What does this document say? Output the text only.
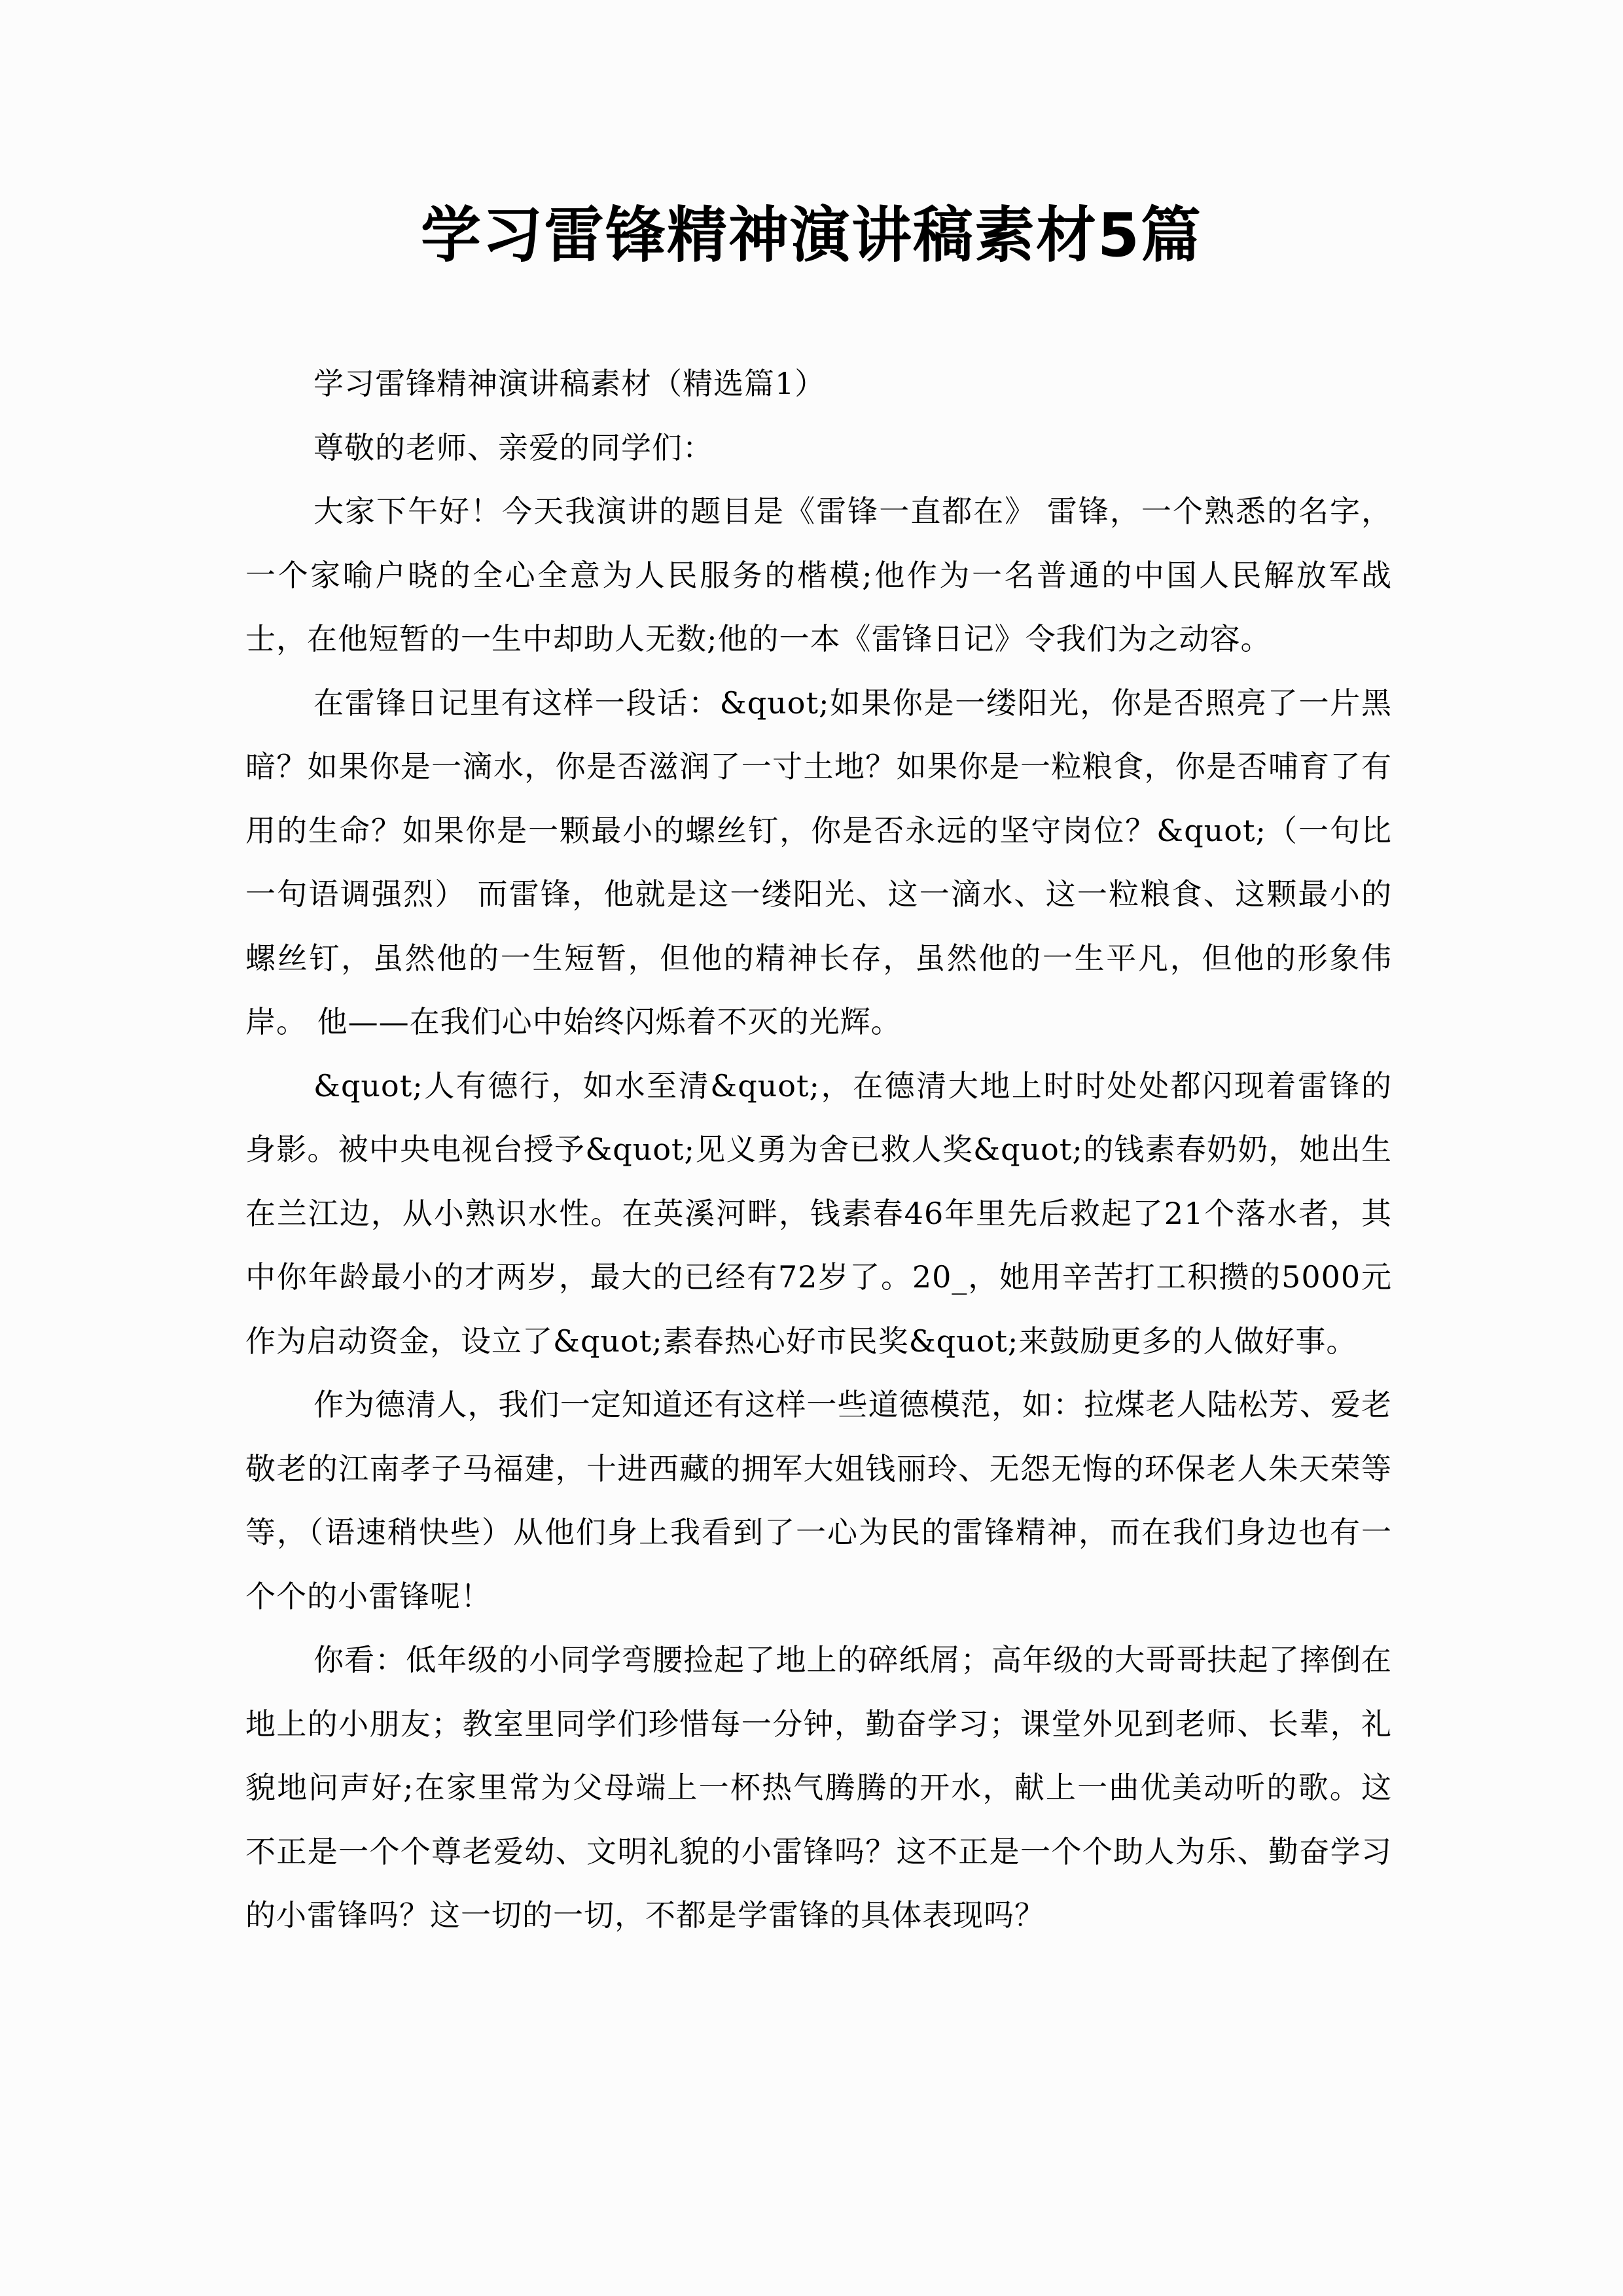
学习雷锋精神演讲稿素材5篇

学习雷锋精神演讲稿素材（精选篇1）

尊敬的老师、亲爱的同学们：

大家下午好！今天我演讲的题目是《雷锋一直都在》 雷锋，一个熟悉的名字，一个家喻户晓的全心全意为人民服务的楷模;他作为一名普通的中国人民解放军战士，在他短暂的一生中却助人无数;他的一本《雷锋日记》令我们为之动容。

在雷锋日记里有这样一段话：&quot;如果你是一缕阳光，你是否照亮了一片黑暗？如果你是一滴水，你是否滋润了一寸土地？如果你是一粒粮食，你是否哺育了有用的生命？如果你是一颗最小的螺丝钉，你是否永远的坚守岗位？&quot;（一句比一句语调强烈） 而雷锋，他就是这一缕阳光、这一滴水、这一粒粮食、这颗最小的螺丝钉，虽然他的一生短暂，但他的精神长存，虽然他的一生平凡，但他的形象伟岸。 他——在我们心中始终闪烁着不灭的光辉。

&quot;人有德行，如水至清&quot;，在德清大地上时时处处都闪现着雷锋的身影。被中央电视台授予&quot;见义勇为舍已救人奖&quot;的钱素春奶奶，她出生在兰江边，从小熟识水性。在英溪河畔，钱素春46年里先后救起了21个落水者，其中你年龄最小的才两岁，最大的已经有72岁了。20_，她用辛苦打工积攒的5000元作为启动资金，设立了&quot;素春热心好市民奖&quot;来鼓励更多的人做好事。

作为德清人，我们一定知道还有这样一些道德模范，如：拉煤老人陆松芳、爱老敬老的江南孝子马福建，十进西藏的拥军大姐钱丽玲、无怨无悔的环保老人朱天荣等等，（语速稍快些）从他们身上我看到了一心为民的雷锋精神，而在我们身边也有一个个的小雷锋呢！

你看：低年级的小同学弯腰捡起了地上的碎纸屑；高年级的大哥哥扶起了摔倒在地上的小朋友；教室里同学们珍惜每一分钟，勤奋学习；课堂外见到老师、长辈，礼貌地问声好;在家里常为父母端上一杯热气腾腾的开水，献上一曲优美动听的歌。这不正是一个个尊老爱幼、文明礼貌的小雷锋吗？这不正是一个个助人为乐、勤奋学习的小雷锋吗？这一切的一切，不都是学雷锋的具体表现吗？
